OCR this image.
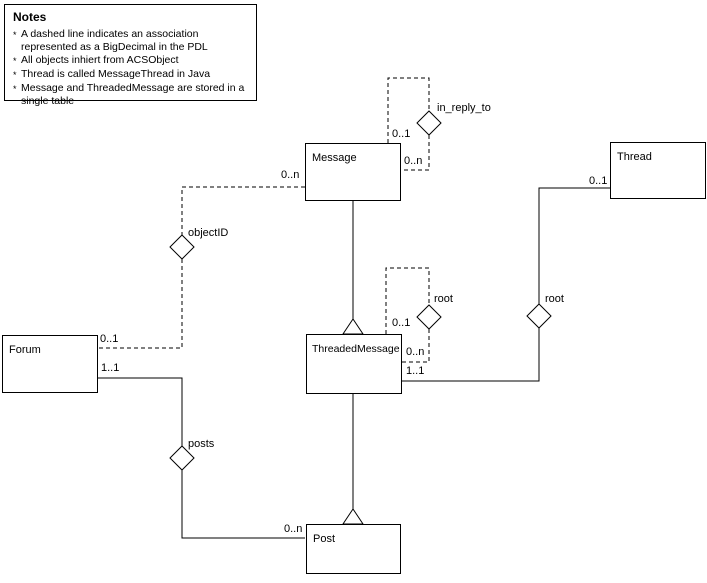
Notes
* A dashed line indicates an association represented as a BigDecimal in the PDL
* All objects inhiert from ACSObject
* Thread is called MessageThread in Java
* Message and ThreadedMessage are stored in a single table
Message	Thread
ThreadedMessage
Forum
Post
0..1
in_reply_to
0..n
0..n
objectID
0..1
1..1
posts
0..n
0..1
root
0..n
1..1
root
0..1
